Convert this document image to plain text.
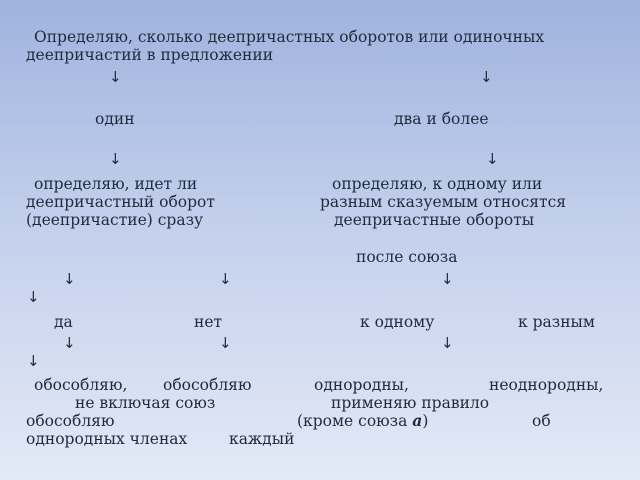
Определяю, сколько деепричастных оборотов или одиночных

деепричастий в предложении

↓	↓

один	два и более

↓	↓

определяю, идет ли	определяю, к одному или

деепричастный оборот	разным сказуемым относятся

(деепричастие) сразу	деепричастные обороты

после союза

↓	↓	↓
↓

да	нет	к одному	к разным

↓	↓	↓
↓

обособляю, обособляю	однородны,	неоднородны,

не включая союз	применяю правило

обособляю	(кроме союза а)	об

однородных членах	каждый
